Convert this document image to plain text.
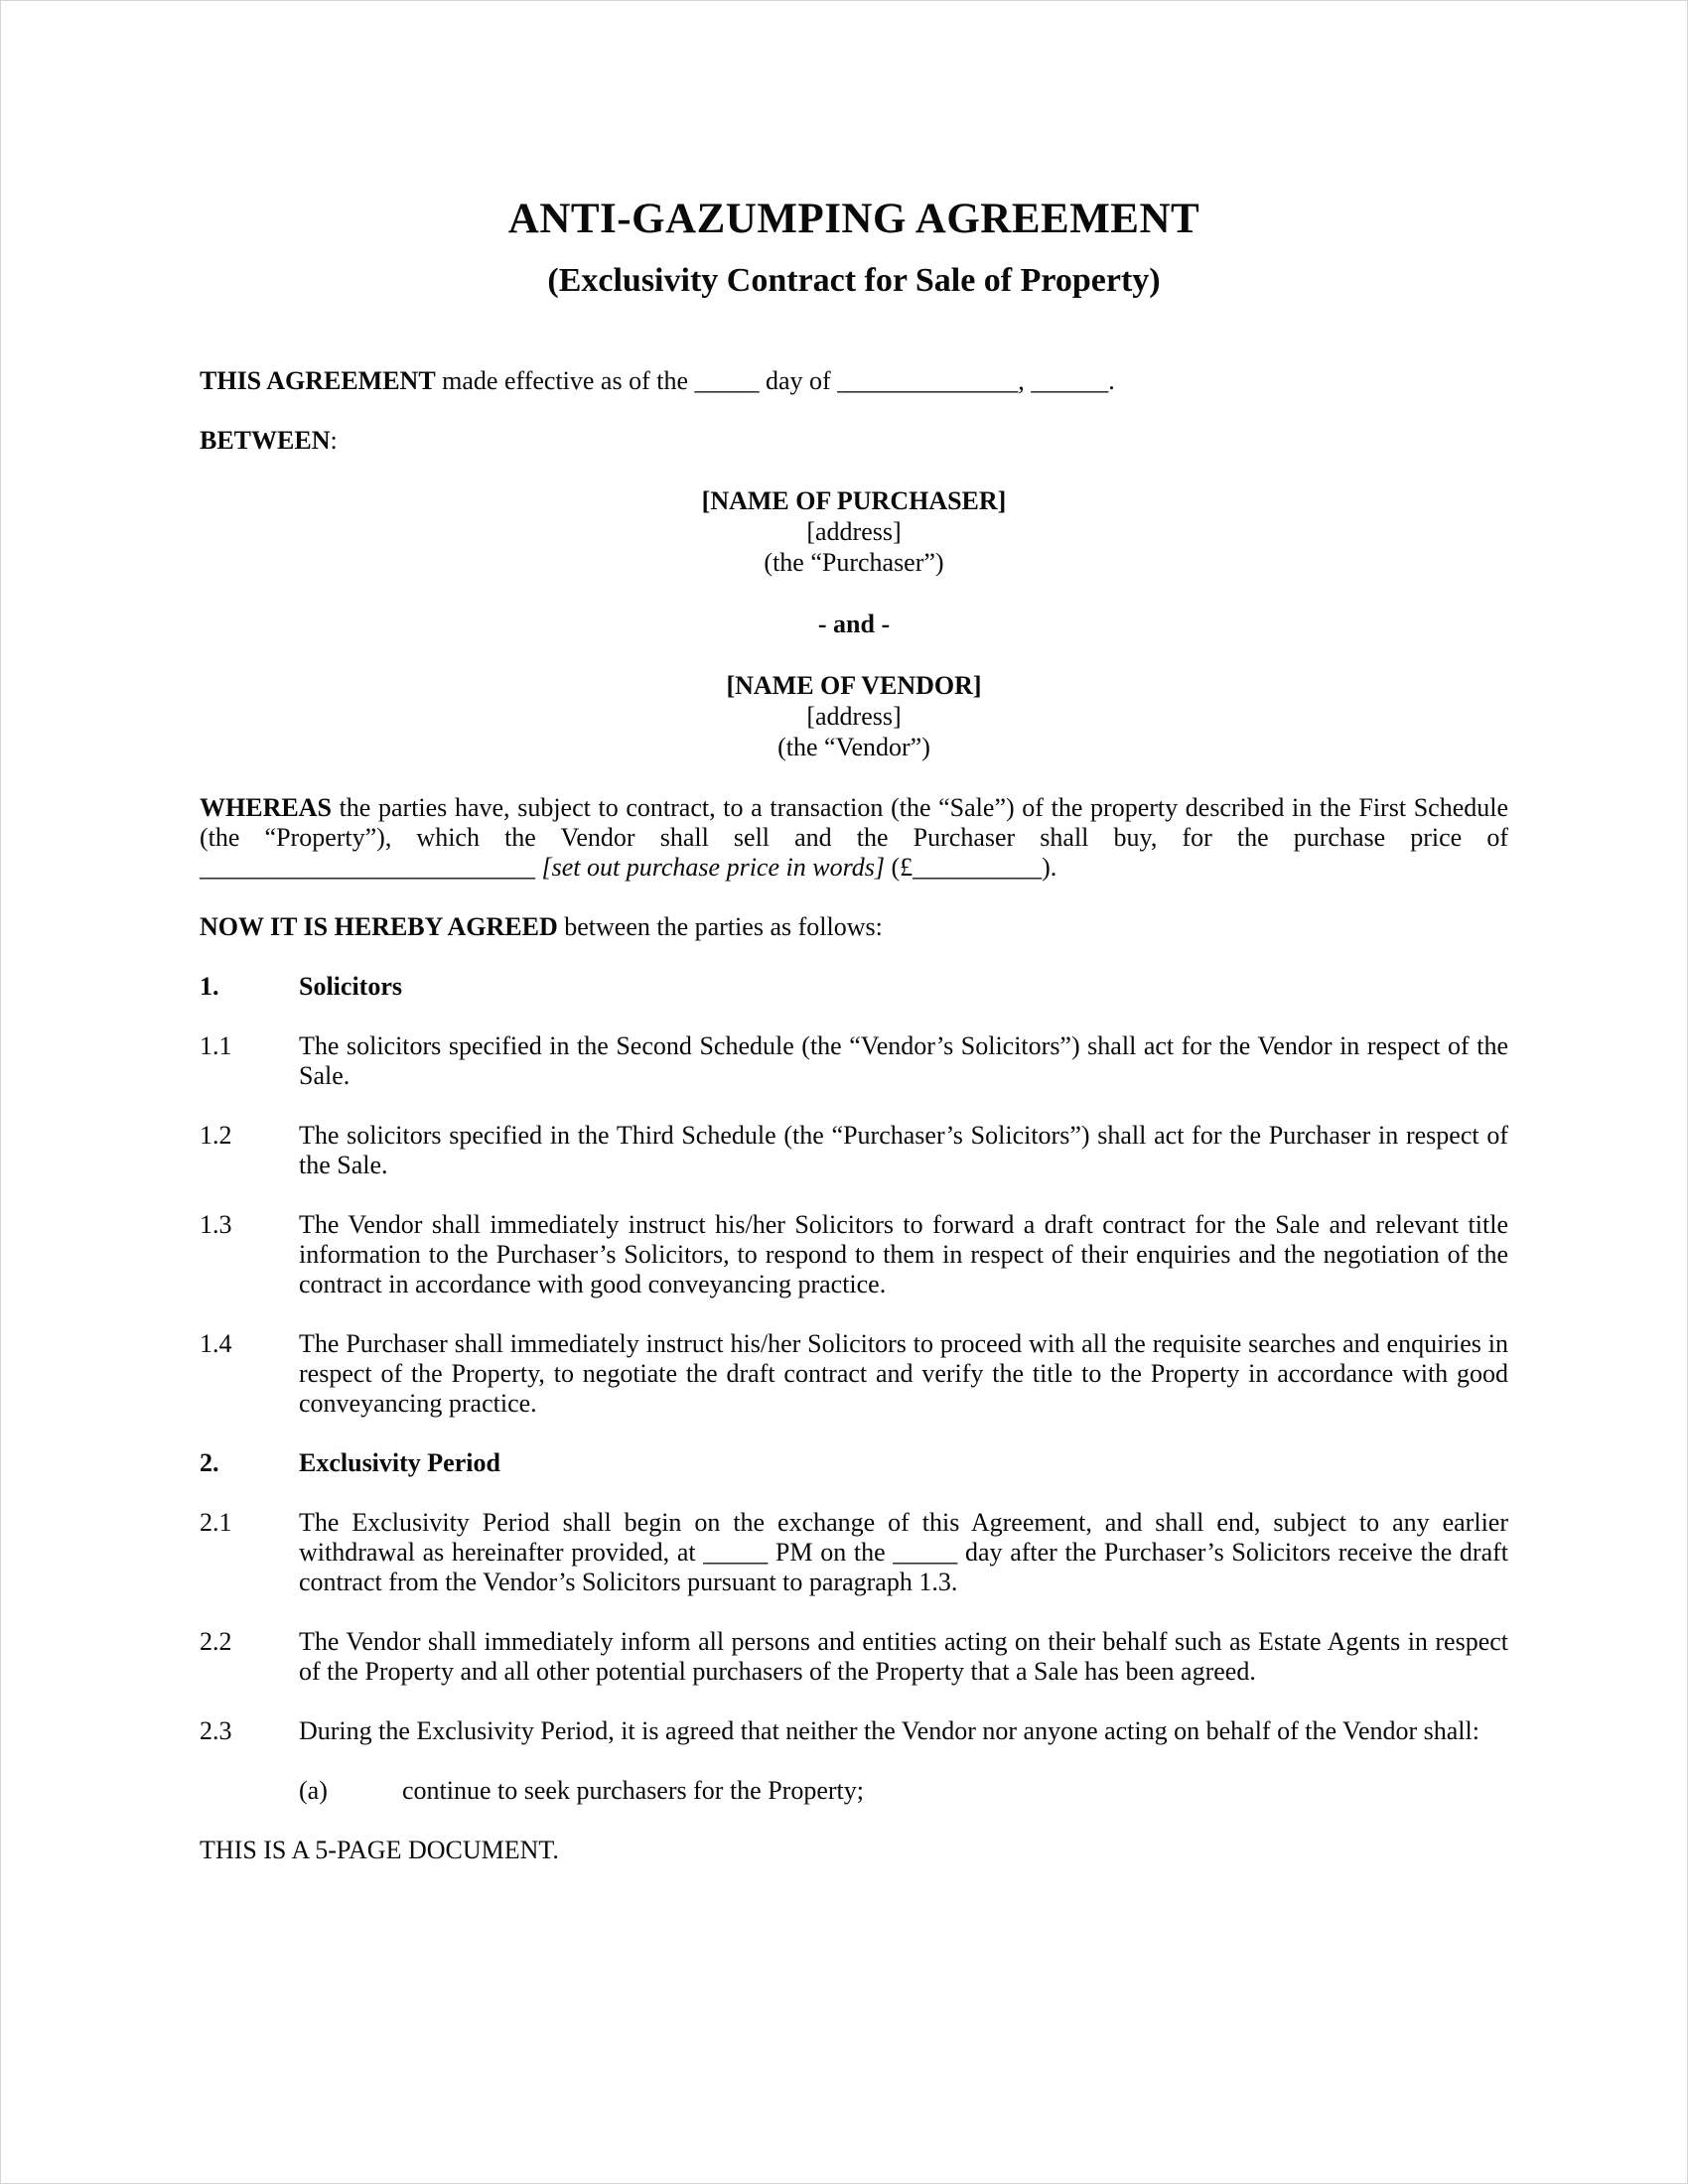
ANTI-GAZUMPING AGREEMENT
(Exclusivity Contract for Sale of Property)

THIS AGREEMENT made effective as of the _____ day of ______________, ______.

BETWEEN:

[NAME OF PURCHASER]
[address]
(the “Purchaser”)
- and -
[NAME OF VENDOR]
[address]
(the “Vendor”)

WHEREAS the parties have, subject to contract, to a transaction (the “Sale”) of the property described in the First Schedule (the “Property”), which the Vendor shall sell and the Purchaser shall buy, for the purchase price of __________________________ [set out purchase price in words] (£__________).

NOW IT IS HEREBY AGREED between the parties as follows:

1.	Solicitors
1.1	The solicitors specified in the Second Schedule (the “Vendor’s Solicitors”) shall act for the Vendor in respect of the Sale.
1.2	The solicitors specified in the Third Schedule (the “Purchaser’s Solicitors”) shall act for the Purchaser in respect of the Sale.
1.3	The Vendor shall immediately instruct his/her Solicitors to forward a draft contract for the Sale and relevant title information to the Purchaser’s Solicitors, to respond to them in respect of their enquiries and the negotiation of the contract in accordance with good conveyancing practice.
1.4	The Purchaser shall immediately instruct his/her Solicitors to proceed with all the requisite searches and enquiries in respect of the Property, to negotiate the draft contract and verify the title to the Property in accordance with good conveyancing practice.
2.	Exclusivity Period
2.1	The Exclusivity Period shall begin on the exchange of this Agreement, and shall end, subject to any earlier withdrawal as hereinafter provided, at _____ PM on the _____ day after the Purchaser’s Solicitors receive the draft contract from the Vendor’s Solicitors pursuant to paragraph 1.3.
2.2	The Vendor shall immediately inform all persons and entities acting on their behalf such as Estate Agents in respect of the Property and all other potential purchasers of the Property that a Sale has been agreed.
2.3	During the Exclusivity Period, it is agreed that neither the Vendor nor anyone acting on behalf of the Vendor shall:
(a)	continue to seek purchasers for the Property;

THIS IS A 5-PAGE DOCUMENT.
